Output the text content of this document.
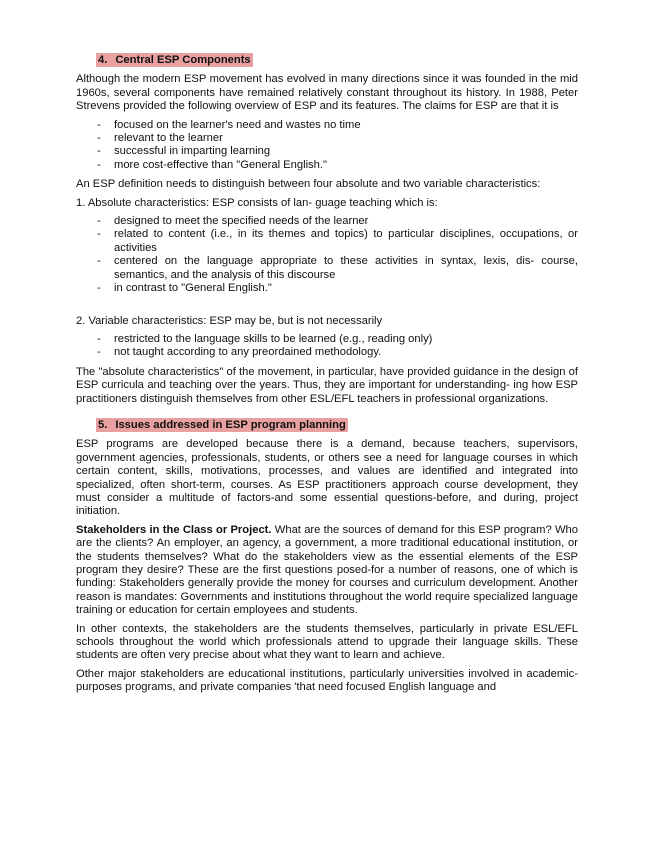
4. Central ESP Components

Although the modern ESP movement has evolved in many directions since it was founded in the mid 1960s, several components have remained relatively constant throughout its history. In 1988, Peter Strevens provided the following overview of ESP and its features. The claims for ESP are that it is

- focused on the learner's need and wastes no time
- relevant to the learner
- successful in imparting learning
- more cost-effective than "General English."

An ESP definition needs to distinguish between four absolute and two variable characteristics:

1. Absolute characteristics: ESP consists of lan- guage teaching which is:

- designed to meet the specified needs of the learner
- related to content (i.e., in its themes and topics) to particular disciplines, occupations, or activities
- centered on the language appropriate to these activities in syntax, lexis, dis- course, semantics, and the analysis of this discourse
- in contrast to "General English."

2. Variable characteristics: ESP may be, but is not necessarily

- restricted to the language skills to be learned (e.g., reading only)
- not taught according to any preordained methodology.

The "absolute characteristics" of the movement, in particular, have provided guidance in the design of ESP curricula and teaching over the years. Thus, they are important for understanding- ing how ESP practitioners distinguish themselves from other ESL/EFL teachers in professional organizations.

5. Issues addressed in ESP program planning

ESP programs are developed because there is a demand, because teachers, supervisors, government agencies, professionals, students, or others see a need for language courses in which certain content, skills, motivations, processes, and values are identified and integrated into specialized, often short-term, courses. As ESP practitioners approach course development, they must consider a multitude of factors-and some essential questions-before, and during, project initiation.

Stakeholders in the Class or Project. What are the sources of demand for this ESP program? Who are the clients? An employer, an agency, a government, a more traditional educational institution, or the students themselves? What do the stakeholders view as the essential elements of the ESP program they desire? These are the first questions posed-for a number of reasons, one of which is funding: Stakeholders generally provide the money for courses and curriculum development. Another reason is mandates: Governments and institutions throughout the world require specialized language training or education for certain employees and students.

In other contexts, the stakeholders are the students themselves, particularly in private ESL/EFL schools throughout the world which professionals attend to upgrade their language skills. These students are often very precise about what they want to learn and achieve.

Other major stakeholders are educational institutions, particularly universities involved in academic-purposes programs, and private companies 'that need focused English language and
